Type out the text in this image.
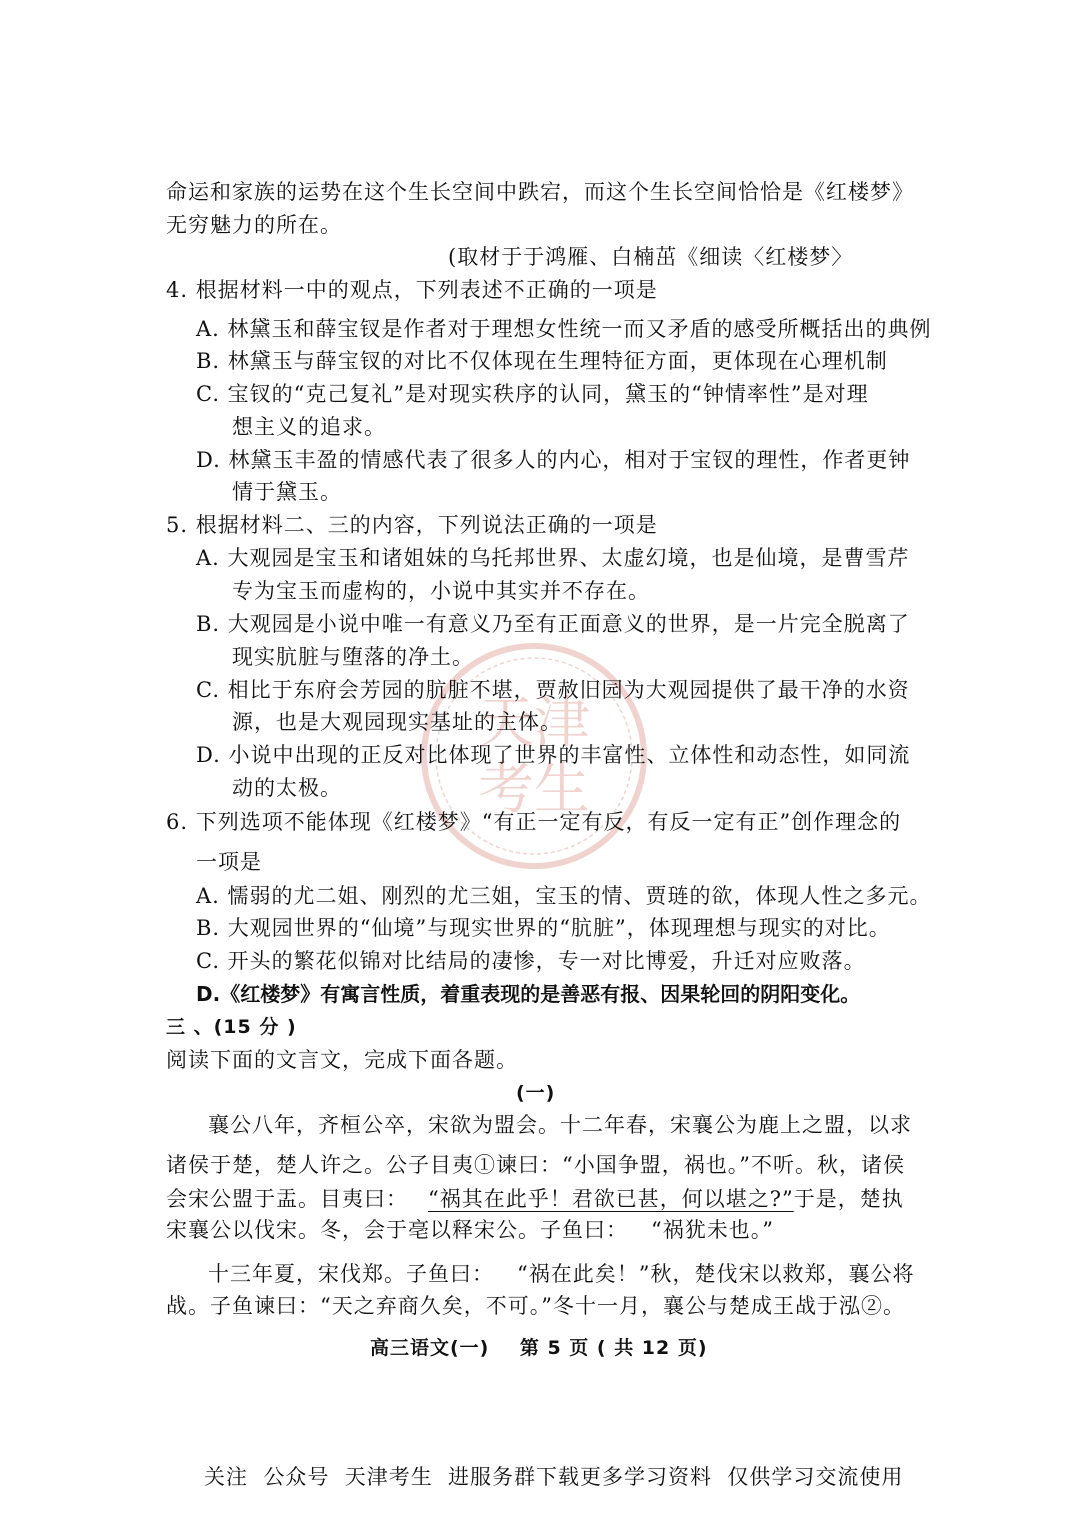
天津
考生
命运和家族的运势在这个生长空间中跌宕，而这个生长空间恰恰是《红楼梦》
无穷魅力的所在。
(取材于于鸿雁、白楠茁《细读〈红楼梦〉
4. 根据材料一中的观点，下列表述不正确的一项是
A. 林黛玉和薛宝钗是作者对于理想女性统一而又矛盾的感受所概括出的典例
B. 林黛玉与薛宝钗的对比不仅体现在生理特征方面，更体现在心理机制
C. 宝钗的“克己复礼”是对现实秩序的认同，黛玉的“钟情率性”是对理
想主义的追求。
D. 林黛玉丰盈的情感代表了很多人的内心，相对于宝钗的理性，作者更钟
情于黛玉。
5. 根据材料二、三的内容，下列说法正确的一项是
A. 大观园是宝玉和诸姐妹的乌托邦世界、太虚幻境，也是仙境，是曹雪芹
专为宝玉而虚构的，小说中其实并不存在。
B. 大观园是小说中唯一有意义乃至有正面意义的世界，是一片完全脱离了
现实肮脏与堕落的净土。
C. 相比于东府会芳园的肮脏不堪，贾赦旧园为大观园提供了最干净的水资
源，也是大观园现实基址的主体。
D. 小说中出现的正反对比体现了世界的丰富性、立体性和动态性，如同流
动的太极。
6. 下列选项不能体现《红楼梦》“有正一定有反，有反一定有正”创作理念的
一项是
A. 懦弱的尤二姐、刚烈的尤三姐，宝玉的情、贾琏的欲，体现人性之多元。
B. 大观园世界的“仙境”与现实世界的“肮脏”，体现理想与现实的对比。
C. 开头的繁花似锦对比结局的凄惨，专一对比博爱，升迁对应败落。
D.《红楼梦》有寓言性质，着重表现的是善恶有报、因果轮回的阴阳变化。
三 、(15 分 )
阅读下面的文言文，完成下面各题。
(一)
襄公八年，齐桓公卒，宋欲为盟会。十二年春，宋襄公为鹿上之盟，以求
诸侯于楚，楚人许之。公子目夷①谏曰：“小国争盟，祸也。”不听。秋，诸侯
会宋公盟于盂。目夷曰： “祸其在此乎！君欲已甚，何以堪之?”于是，楚执
宋襄公以伐宋。冬，会于亳以释宋公。子鱼曰：   “祸犹未也。”
十三年夏，宋伐郑。子鱼曰：   “祸在此矣！”秋，楚伐宋以救郑，襄公将
战。子鱼谏曰：“天之弃商久矣，不可。”冬十一月，襄公与楚成王战于泓②。
高三语文(一)    第 5 页 ( 共 12 页)
关注  公众号  天津考生  进服务群下载更多学习资料  仅供学习交流使用
